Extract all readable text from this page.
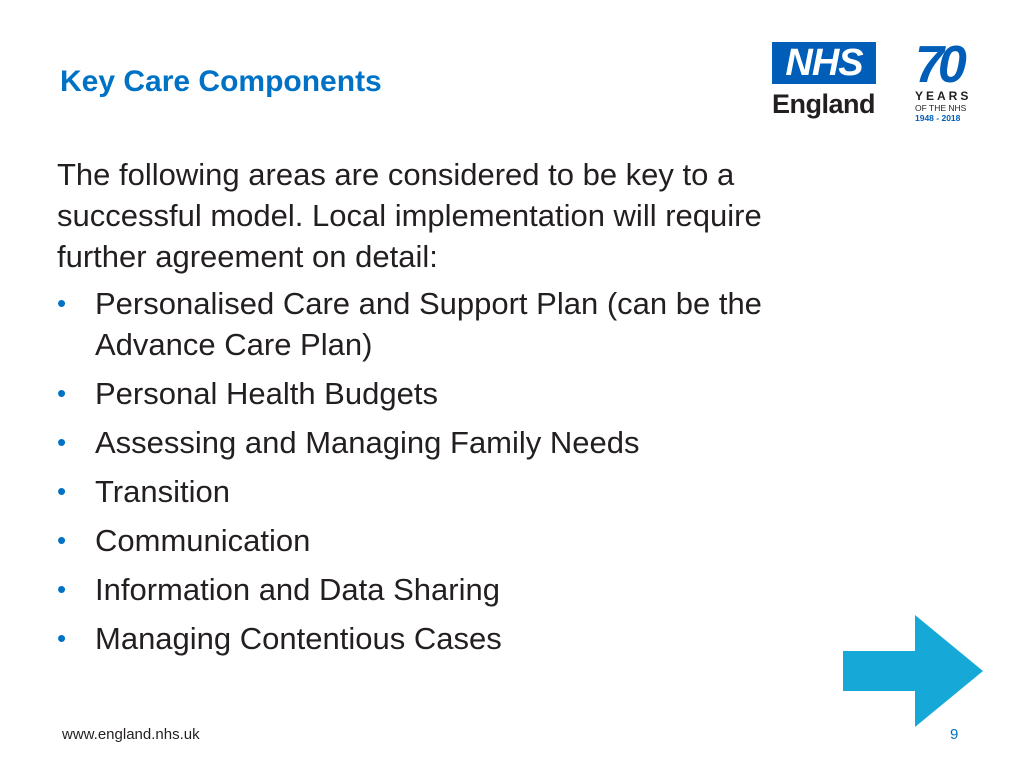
Key Care Components	NHS
England
70
YEARS
OF THE NHS
1948 - 2018

The following areas are considered to be key to a successful model. Local implementation will require further agreement on detail:

• Personalised Care and Support Plan (can be the Advance Care Plan)
• Personal Health Budgets
• Assessing and Managing Family Needs
• Transition
• Communication
• Information and Data Sharing
• Managing Contentious Cases
www.england.nhs.uk	9
